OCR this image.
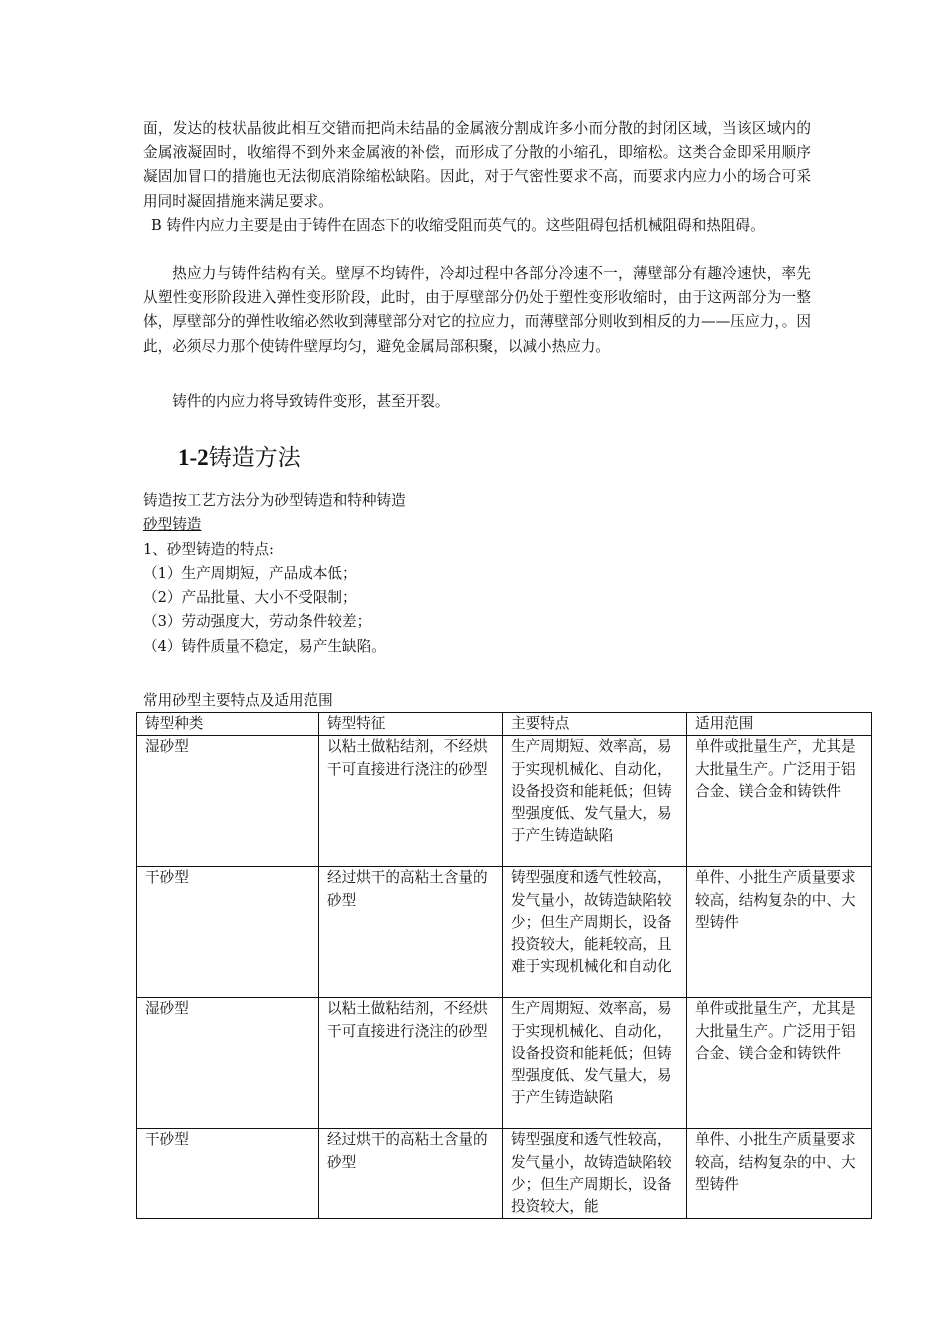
面，发达的枝状晶彼此相互交错而把尚未结晶的金属液分割成许多小而分散的封闭区域，当该区域内的金属液凝固时，收缩得不到外来金属液的补偿，而形成了分散的小缩孔，即缩松。这类合金即采用顺序凝固加冒口的措施也无法彻底消除缩松缺陷。因此，对于气密性要求不高，而要求内应力小的场合可采用同时凝固措施来满足要求。

B 铸件内应力主要是由于铸件在固态下的收缩受阻而英气的。这些阻碍包括机械阻碍和热阻碍。

热应力与铸件结构有关。壁厚不均铸件，冷却过程中各部分冷速不一，薄壁部分有趣冷速快，率先从塑性变形阶段进入弹性变形阶段，此时，由于厚壁部分仍处于塑性变形收缩时，由于这两部分为一整体，厚壁部分的弹性收缩必然收到薄壁部分对它的拉应力，而薄壁部分则收到相反的力——压应力，。因此，必须尽力那个使铸件壁厚均匀，避免金属局部积聚，以减小热应力。

铸件的内应力将导致铸件变形，甚至开裂。

1-2铸造方法
铸造按工艺方法分为砂型铸造和特种铸造
砂型铸造
1、砂型铸造的特点:
（1）生产周期短，产品成本低；
（2）产品批量、大小不受限制；
（3）劳动强度大，劳动条件较差；
（4）铸件质量不稳定，易产生缺陷。
常用砂型主要特点及适用范围
铸型种类	铸型特征	主要特点	适用范围
湿砂型	以粘土做粘结剂，不经烘干可直接进行浇注的砂型	生产周期短、效率高，易于实现机械化、自动化，设备投资和能耗低；但铸型强度低、发气量大，易于产生铸造缺陷	单件或批量生产，尤其是大批量生产。广泛用于铝合金、镁合金和铸铁件
干砂型	经过烘干的高粘土含量的砂型	铸型强度和透气性较高，发气量小，故铸造缺陷较少；但生产周期长，设备投资较大，能耗较高，且难于实现机械化和自动化	单件、小批生产质量要求较高，结构复杂的中、大型铸件
湿砂型	以粘土做粘结剂，不经烘干可直接进行浇注的砂型	生产周期短、效率高，易于实现机械化、自动化，设备投资和能耗低；但铸型强度低、发气量大，易于产生铸造缺陷	单件或批量生产，尤其是大批量生产。广泛用于铝合金、镁合金和铸铁件
干砂型	经过烘干的高粘土含量的砂型	铸型强度和透气性较高，发气量小，故铸造缺陷较少；但生产周期长，设备投资较大，能	单件、小批生产质量要求较高，结构复杂的中、大型铸件
